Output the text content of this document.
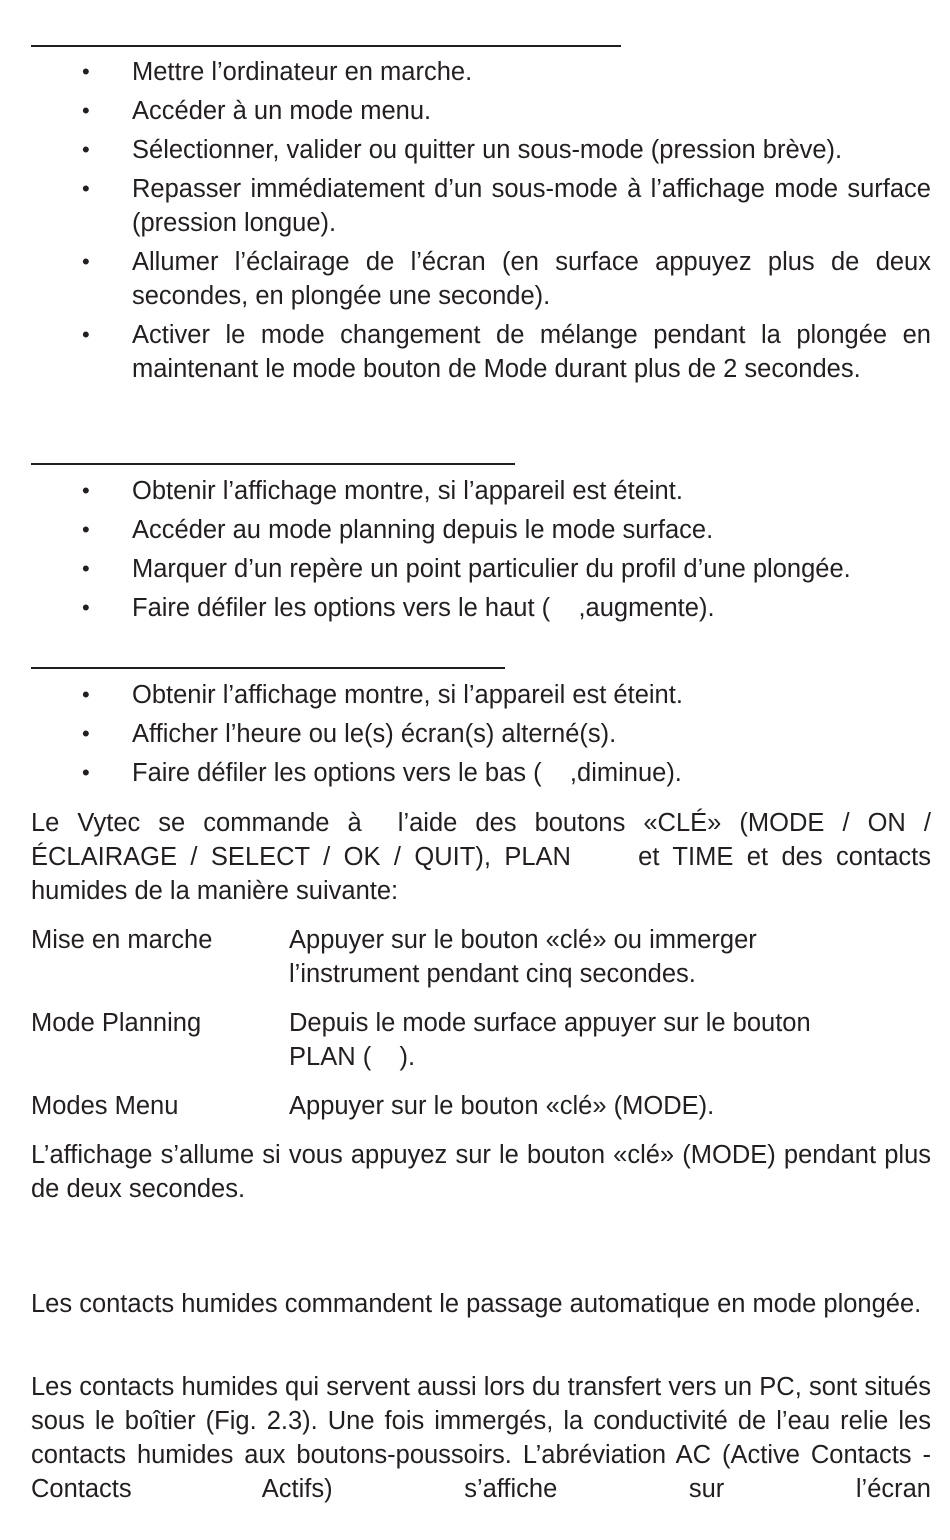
• Mettre l’ordinateur en marche.
• Accéder à un mode menu.
• Sélectionner, valider ou quitter un sous-mode (pression brève).
• Repasser immédiatement d’un sous-mode à l’affichage mode surface (pression longue).
• Allumer l’éclairage de l’écran (en surface appuyez plus de deux secondes, en plongée une seconde).
• Activer le mode changement de mélange pendant la plongée en maintenant le mode bouton de Mode durant plus de 2 secondes.
• Obtenir l’affichage montre, si l’appareil est éteint.
• Accéder au mode planning depuis le mode surface.
• Marquer d’un repère un point particulier du profil d’une plongée.
• Faire défiler les options vers le haut (    ,augmente).
• Obtenir l’affichage montre, si l’appareil est éteint.
• Afficher l’heure ou le(s) écran(s) alterné(s).
• Faire défiler les options vers le bas (    ,diminue).

Le Vytec se commande à  l’aide des boutons «CLÉ» (MODE / ON / ÉCLAIRAGE / SELECT / OK / QUIT), PLAN     et TIME et des contacts humides de la manière suivante:

Mise en marche	Appuyer sur le bouton «clé» ou immerger l’instrument pendant cinq secondes.
Mode Planning	Depuis le mode surface appuyer sur le bouton PLAN (    ).
Modes Menu	Appuyer sur le bouton «clé» (MODE).

L’affichage s’allume si vous appuyez sur le bouton «clé» (MODE) pendant plus de deux secondes.

Les contacts humides commandent le passage automatique en mode plongée.

Les contacts humides qui servent aussi lors du transfert vers un PC, sont situés sous le boîtier (Fig. 2.3). Une fois immergés, la conductivité de l’eau relie les contacts humides aux boutons-poussoirs. L’abréviation AC (Active Contacts - Contacts Actifs) s’affiche sur l’écran
